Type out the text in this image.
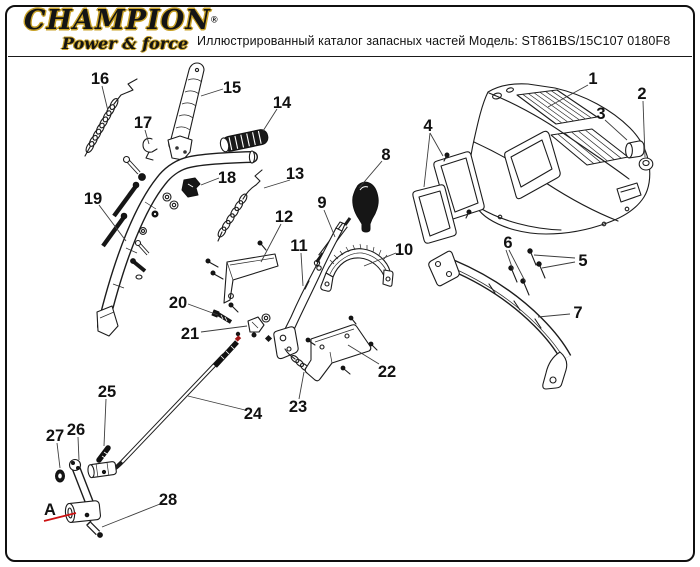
CHAMPION®
Power & force Иллюстрированный каталог запасных частей Модель: ST861BS/15C107 0180F8
1
2
3
4
5
6
7
8
9
10
11
12
13
14
15
16
17
18
19
20
21
22
23
24
25
26
27
28
A
